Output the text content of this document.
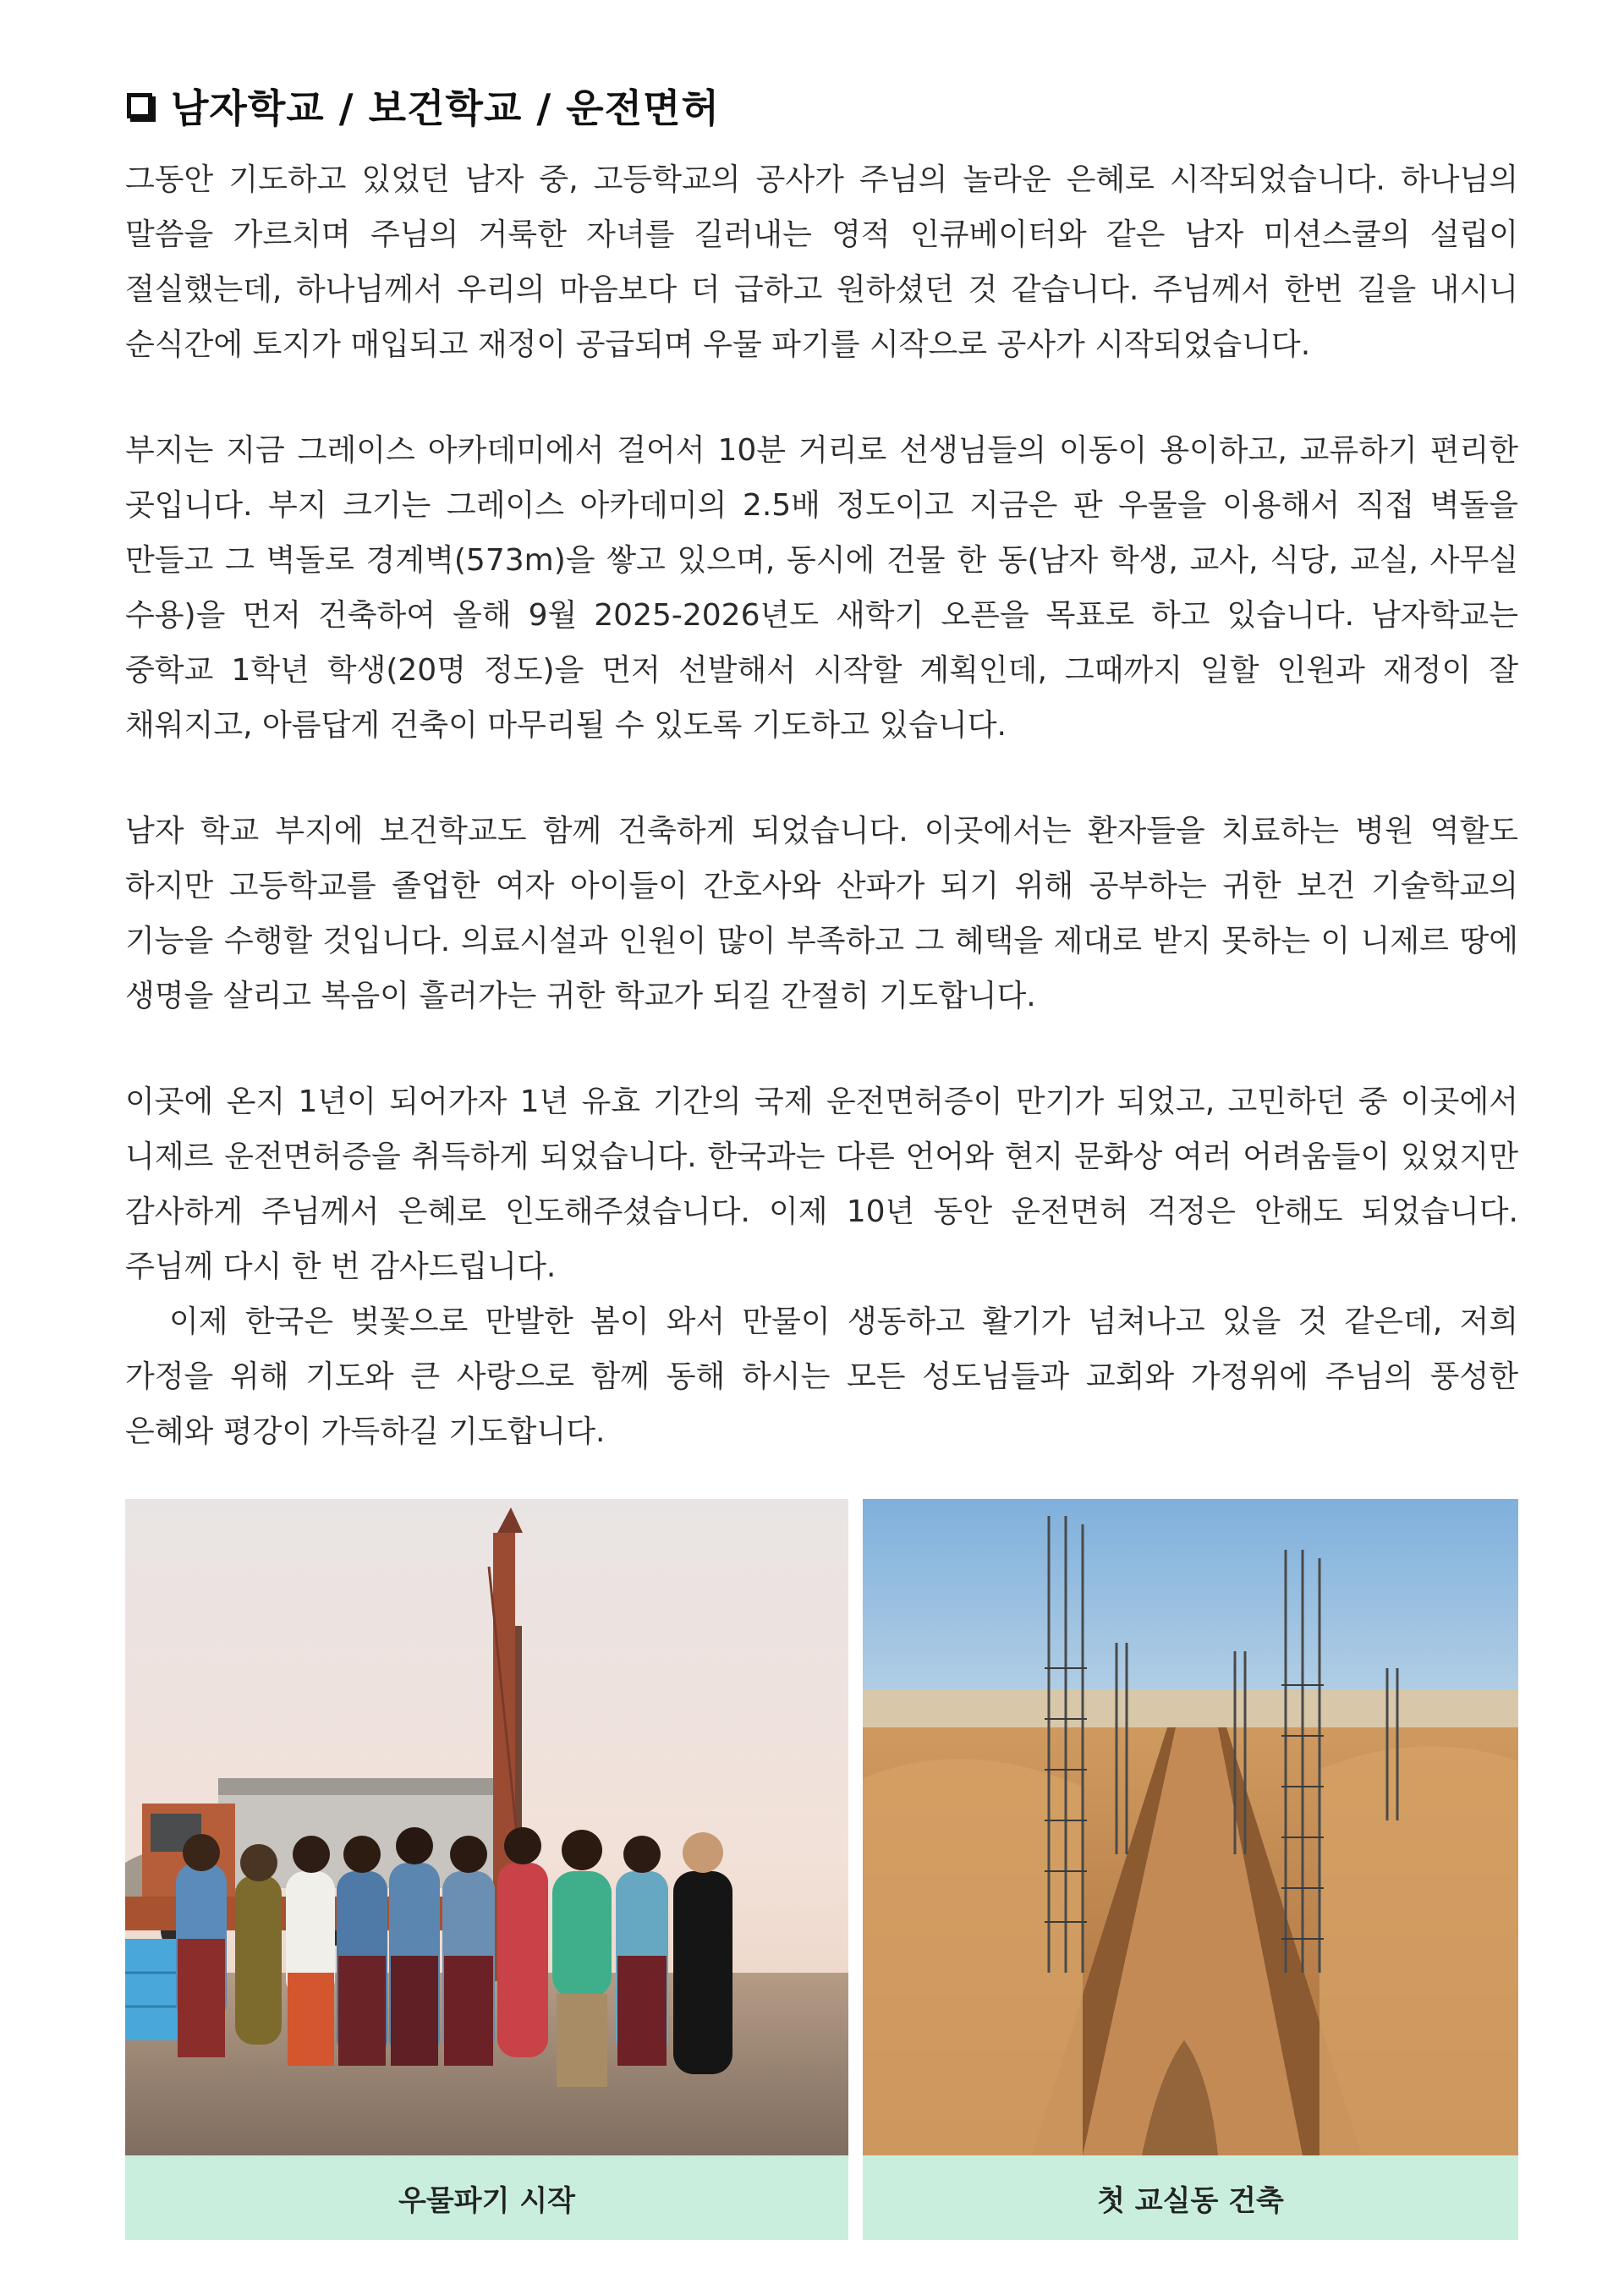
남자학교 / 보건학교 / 운전면허

그동안 기도하고 있었던 남자 중, 고등학교의 공사가 주님의 놀라운 은혜로 시작되었습니다. 하나님의 말씀을 가르치며 주님의 거룩한 자녀를 길러내는 영적 인큐베이터와 같은 남자 미션스쿨의 설립이 절실했는데, 하나님께서 우리의 마음보다 더 급하고 원하셨던 것 같습니다. 주님께서 한번 길을 내시니 순식간에 토지가 매입되고 재정이 공급되며 우물 파기를 시작으로 공사가 시작되었습니다.

부지는 지금 그레이스 아카데미에서 걸어서 10분 거리로 선생님들의 이동이 용이하고, 교류하기 편리한 곳입니다. 부지 크기는 그레이스 아카데미의 2.5배 정도이고 지금은 판 우물을 이용해서 직접 벽돌을 만들고 그 벽돌로 경계벽(573m)을 쌓고 있으며, 동시에 건물 한 동(남자 학생, 교사, 식당, 교실, 사무실 수용)을 먼저 건축하여 올해 9월 2025-2026년도 새학기 오픈을 목표로 하고 있습니다. 남자학교는 중학교 1학년 학생(20명 정도)을 먼저 선발해서 시작할 계획인데, 그때까지 일할 인원과 재정이 잘 채워지고, 아름답게 건축이 마무리될 수 있도록 기도하고 있습니다.

남자 학교 부지에 보건학교도 함께 건축하게 되었습니다. 이곳에서는 환자들을 치료하는 병원 역할도 하지만 고등학교를 졸업한 여자 아이들이 간호사와 산파가 되기 위해 공부하는 귀한 보건 기술학교의 기능을 수행할 것입니다. 의료시설과 인원이 많이 부족하고 그 혜택을 제대로 받지 못하는 이 니제르 땅에 생명을 살리고 복음이 흘러가는 귀한 학교가 되길 간절히 기도합니다.

이곳에 온지 1년이 되어가자 1년 유효 기간의 국제 운전면허증이 만기가 되었고, 고민하던 중 이곳에서 니제르 운전면허증을 취득하게 되었습니다. 한국과는 다른 언어와 현지 문화상 여러 어려움들이 있었지만 감사하게 주님께서 은혜로 인도해주셨습니다. 이제 10년 동안 운전면허 걱정은 안해도 되었습니다. 주님께 다시 한 번 감사드립니다.

이제 한국은 벚꽃으로 만발한 봄이 와서 만물이 생동하고 활기가 넘쳐나고 있을 것 같은데, 저희 가정을 위해 기도와 큰 사랑으로 함께 동해 하시는 모든 성도님들과 교회와 가정위에 주님의 풍성한 은혜와 평강이 가득하길 기도합니다.

우물파기 시작	첫 교실동 건축
